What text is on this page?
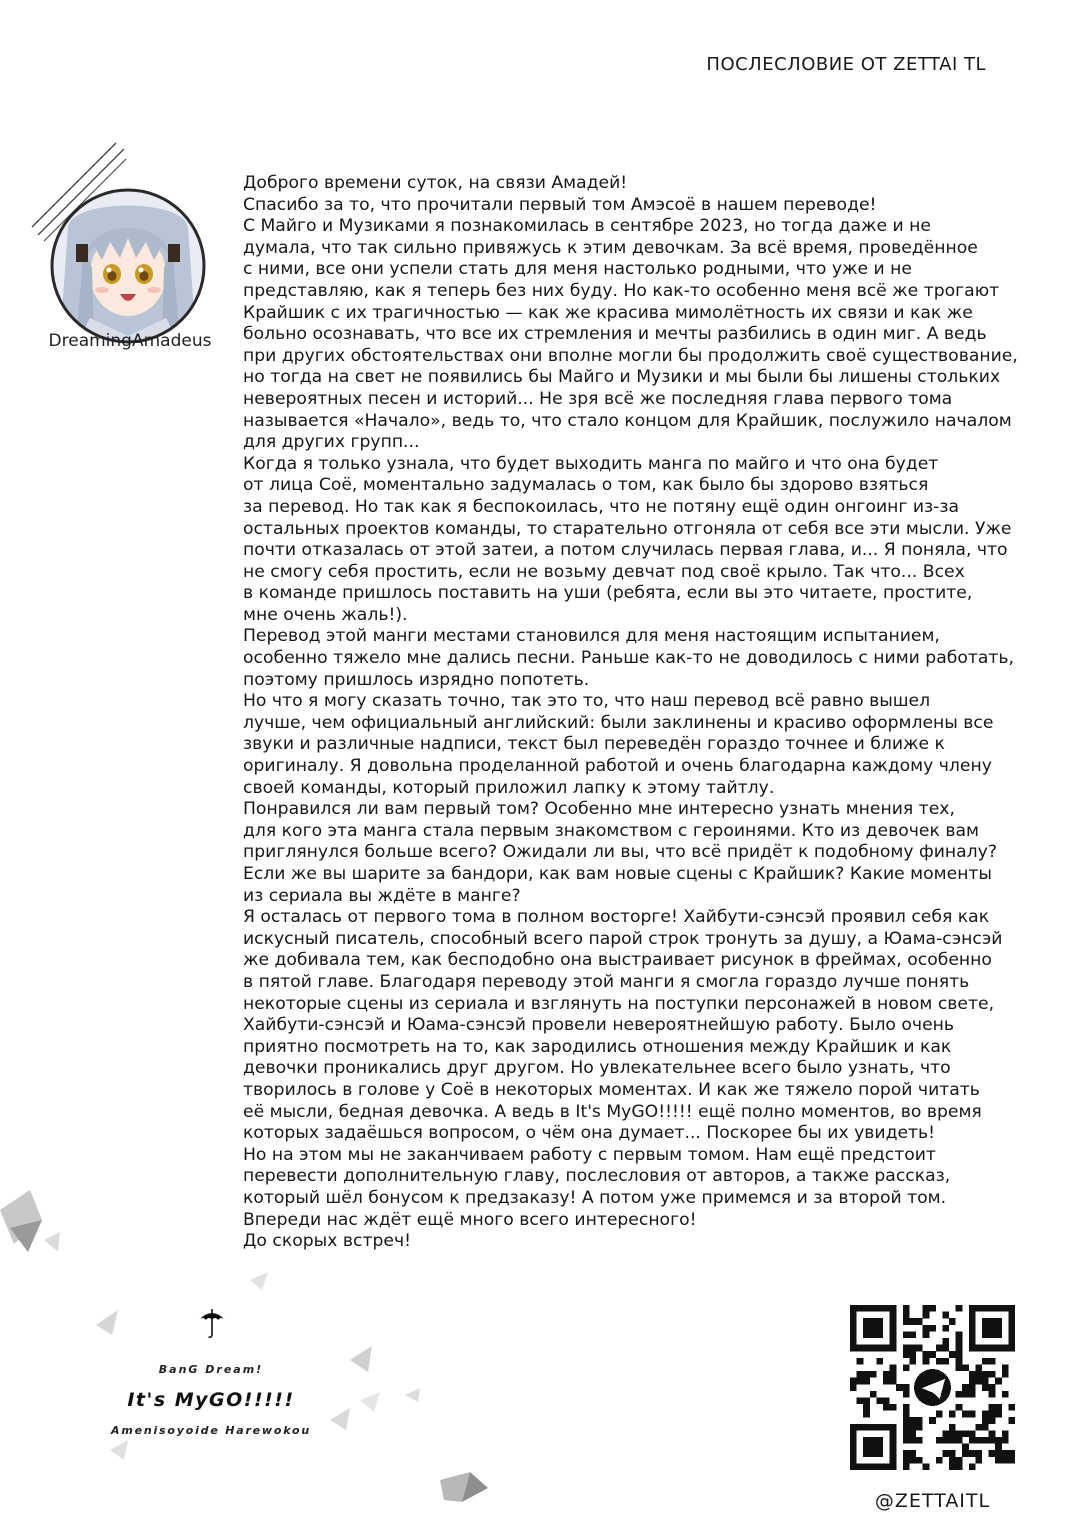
ПОСЛЕСЛОВИЕ ОТ ZETTAI TL
DreamingAmadeus

Доброго времени суток, на связи Амадей!

Спасибо за то, что прочитали первый том Амэсоё в нашем переводе!

С Майго и Музиками я познакомилась в сентябре 2023, но тогда даже и не

думала, что так сильно привяжусь к этим девочкам. За всё время, проведённое

с ними, все они успели стать для меня настолько родными, что уже и не

представляю, как я теперь без них буду. Но как-то особенно меня всё же трогают

Крайшик с их трагичностью — как же красива мимолётность их связи и как же

больно осознавать, что все их стремления и мечты разбились в один миг. А ведь

при других обстоятельствах они вполне могли бы продолжить своё существование,

но тогда на свет не появились бы Майго и Музики и мы были бы лишены стольких

невероятных песен и историй... Не зря всё же последняя глава первого тома

называется «Начало», ведь то, что стало концом для Крайшик, послужило началом

для других групп...

Когда я только узнала, что будет выходить манга по майго и что она будет

от лица Соё, моментально задумалась о том, как было бы здорово взяться

за перевод. Но так как я беспокоилась, что не потяну ещё один онгоинг из-за

остальных проектов команды, то старательно отгоняла от себя все эти мысли. Уже

почти отказалась от этой затеи, а потом случилась первая глава, и... Я поняла, что

не смогу себя простить, если не возьму девчат под своё крыло. Так что... Всех

в команде пришлось поставить на уши (ребята, если вы это читаете, простите,

мне очень жаль!).

Перевод этой манги местами становился для меня настоящим испытанием,

особенно тяжело мне дались песни. Раньше как-то не доводилось с ними работать,

поэтому пришлось изрядно попотеть.

Но что я могу сказать точно, так это то, что наш перевод всё равно вышел

лучше, чем официальный английский: были заклинены и красиво оформлены все

звуки и различные надписи, текст был переведён гораздо точнее и ближе к

оригиналу. Я довольна проделанной работой и очень благодарна каждому члену

своей команды, который приложил лапку к этому тайтлу.

Понравился ли вам первый том? Особенно мне интересно узнать мнения тех,

для кого эта манга стала первым знакомством с героинями. Кто из девочек вам

приглянулся больше всего? Ожидали ли вы, что всё придёт к подобному финалу?

Если же вы шарите за бандори, как вам новые сцены с Крайшик? Какие моменты

из сериала вы ждёте в манге?

Я осталась от первого тома в полном восторге! Хайбути-сэнсэй проявил себя как

искусный писатель, способный всего парой строк тронуть за душу, а Юама-сэнсэй

же добивала тем, как бесподобно она выстраивает рисунок в фреймах, особенно

в пятой главе. Благодаря переводу этой манги я смогла гораздо лучше понять

некоторые сцены из сериала и взглянуть на поступки персонажей в новом свете,

Хайбути-сэнсэй и Юама-сэнсэй провели невероятнейшую работу. Было очень

приятно посмотреть на то, как зародились отношения между Крайшик и как

девочки проникались друг другом. Но увлекательнее всего было узнать, что

творилось в голове у Соё в некоторых моментах. И как же тяжело порой читать

её мысли, бедная девочка. А ведь в It's MyGO!!!!! ещё полно моментов, во время

которых задаёшься вопросом, о чём она думает... Поскорее бы их увидеть!

Но на этом мы не заканчиваем работу с первым томом. Нам ещё предстоит

перевести дополнительную главу, послесловия от авторов, а также рассказ,

который шёл бонусом к предзаказу! А потом уже примемся и за второй том.

Впереди нас ждёт ещё много всего интересного!

До скорых встреч!

BanG Dream!
It's MyGO!!!!!
Amenisoyoide Harewokou
@ZETTAITL
